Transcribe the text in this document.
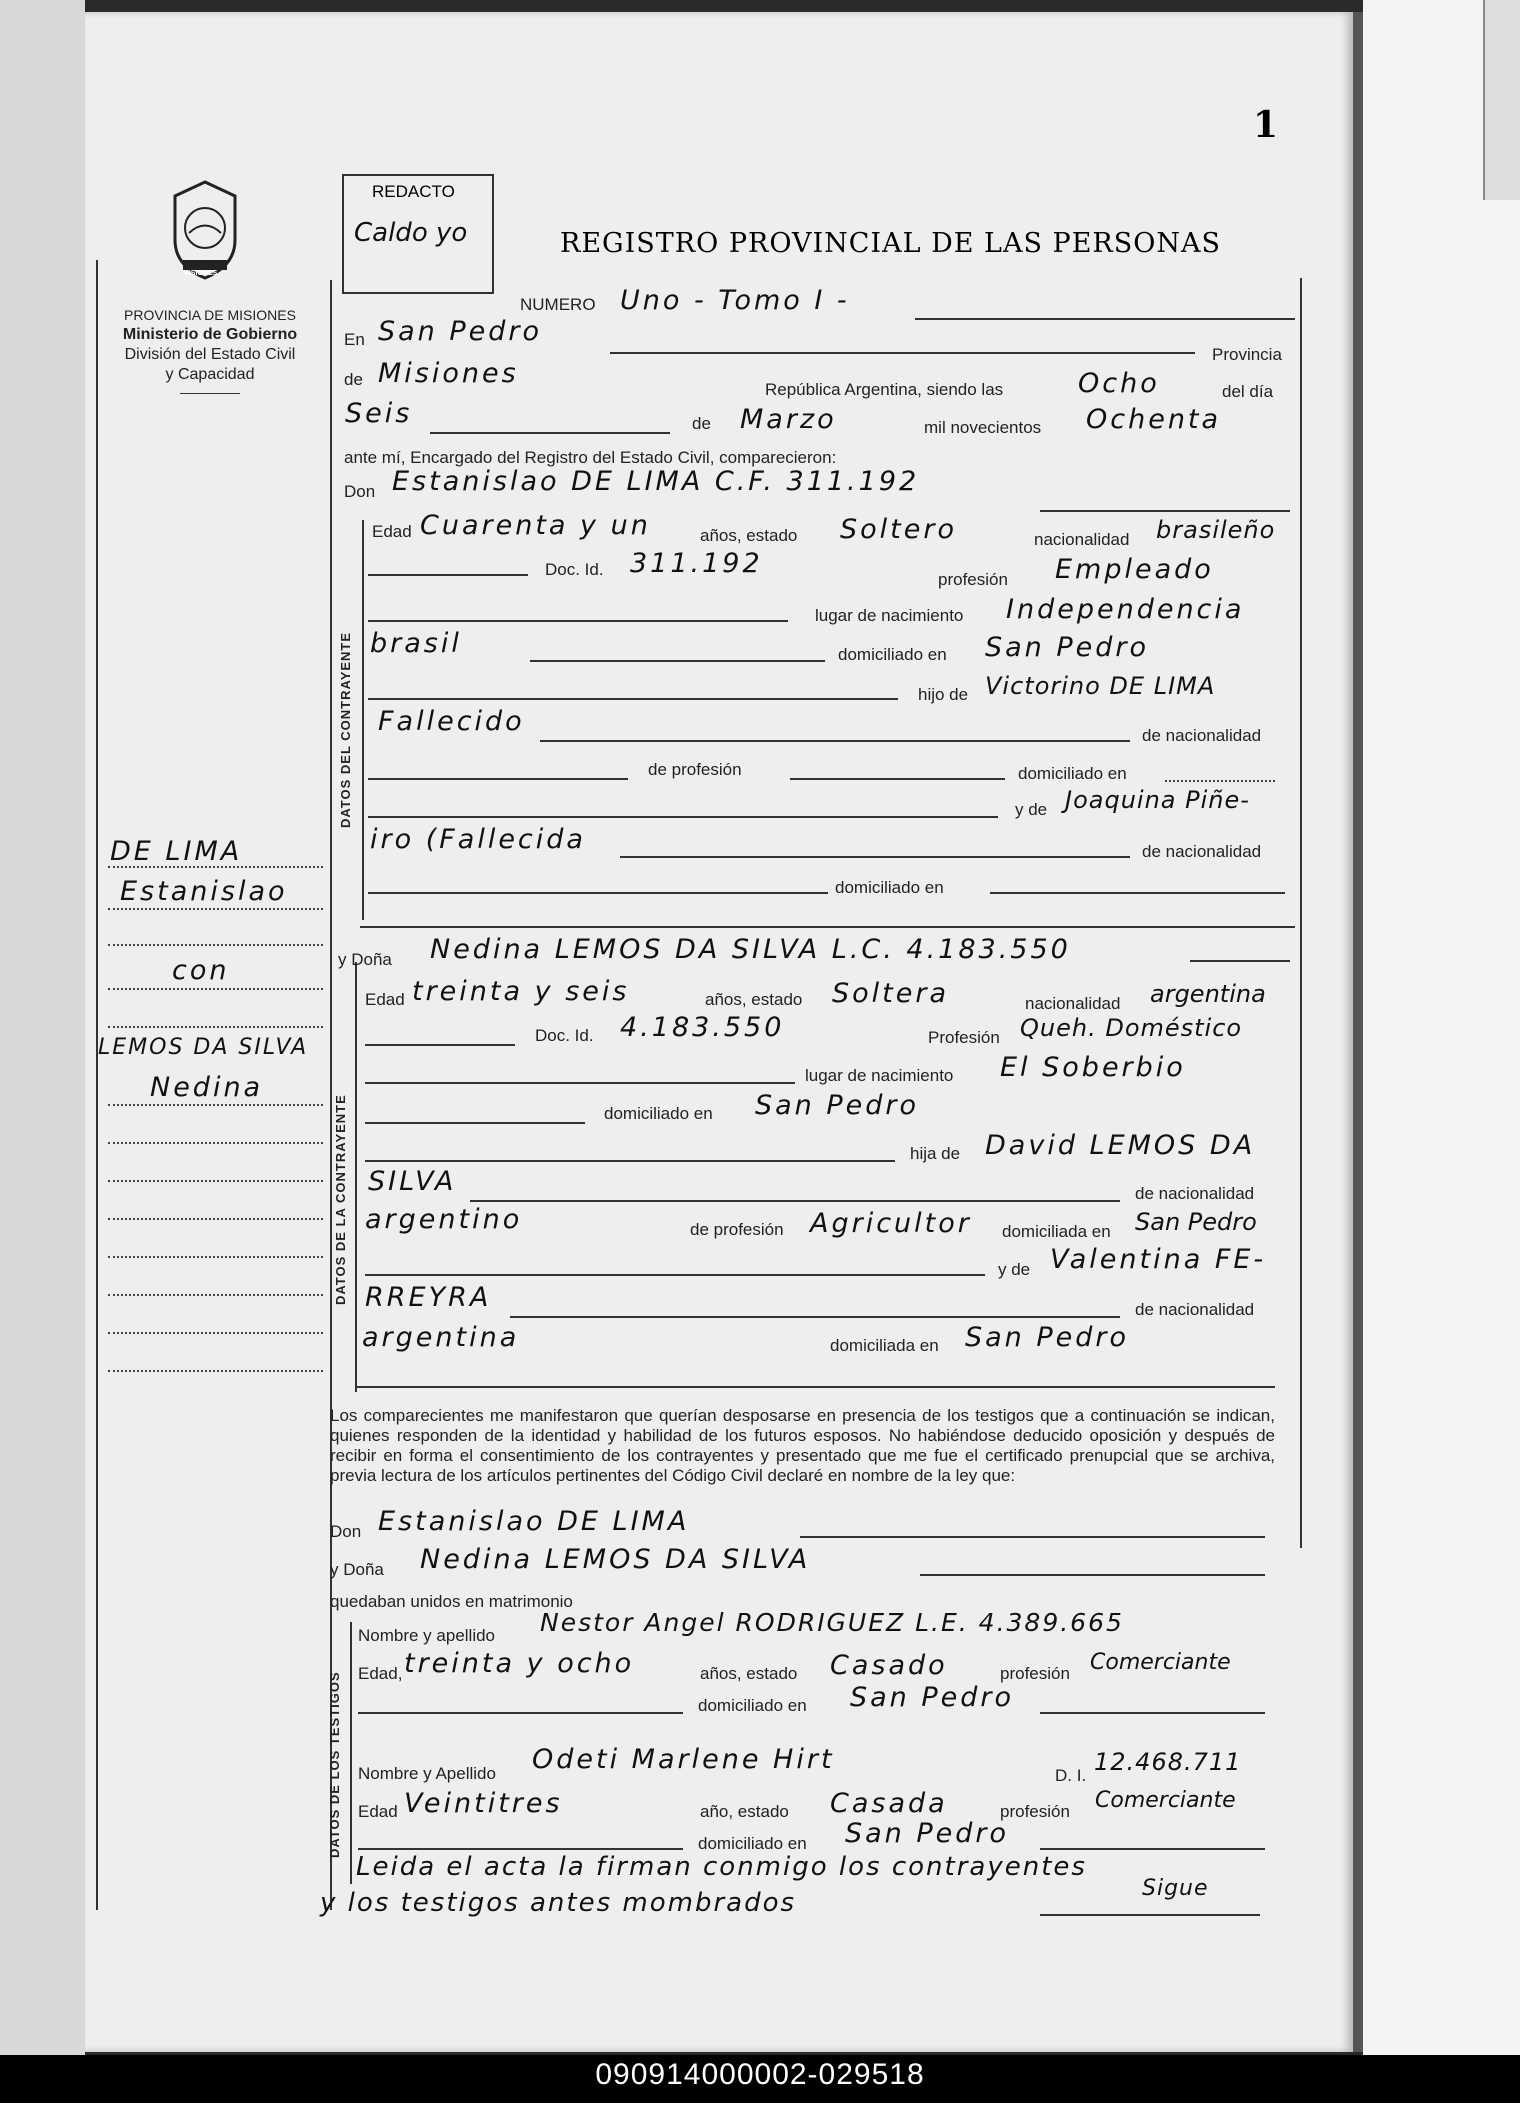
1
MISIONES
PROVINCIA DE MISIONES
Ministerio de Gobierno
División del Estado Civil
y Capacidad
REDACTO
Caldo yo	REGISTRO PROVINCIAL DE LAS PERSONAS
DATOS DEL CONTRAYENTE
DATOS DE LA CONTRAYENTE
DATOS DE LOS TESTIGOS
DE LIMA
Estanislao
con
LEMOS DA SILVA
Nedina
NUMERO Uno - Tomo I -
En San Pedro
Provincia
de Misiones
República Argentina, siendo las	Ocho	del día
Seis	de Marzo	mil novecientos Ochenta
ante mí, Encargado del Registro del Estado Civil, comparecieron:
Don Estanislao DE LIMA C.F. 311.192
Edad Cuarenta y un	años, estado Soltero	nacionalidad brasileño
Doc. Id. 311.192
profesión Empleado
lugar de nacimiento Independencia
brasil	domiciliado en San Pedro
hijo de Victorino DE LIMA
Fallecido	de nacionalidad
de profesión	domiciliado en
y de Joaquina Piñe-
iro (Fallecida	de nacionalidad
domiciliado en
y Doña Nedina LEMOS DA SILVA L.C. 4.183.550
Edad treinta y seis	años, estado Soltera	nacionalidad argentina
Doc. Id. 4.183.550	Profesión Queh. Doméstico
lugar de nacimiento El Soberbio
domiciliado en San Pedro
hija de David LEMOS DA
SILVA	de nacionalidad
argentino	de profesión Agricultor domiciliada en San Pedro
y de Valentina FE-
RREYRA	de nacionalidad
argentina	domiciliada en San Pedro
Los comparecientes me manifestaron que querían desposarse en presencia de los testigos que a continuación se indican, quienes responden de la identidad y habilidad de los futuros esposos. No habiéndose deducido oposición y después de recibir en forma el consentimiento de los contrayentes y presentado que me fue el certificado prenupcial que se archiva, previa lectura de los artículos pertinentes del Código Civil declaré en nombre de la ley que:
Don Estanislao DE LIMA
y Doña Nedina LEMOS DA SILVA
quedaban unidos en matrimonio
Nombre y apellido Nestor Angel RODRIGUEZ L.E. 4.389.665
Edad, treinta y ocho	años, estado Casado	profesión Comerciante
domiciliado en San Pedro
Nombre y Apellido Odeti Marlene Hirt
D. I. 12.468.711
Edad Veintitres	año, estado Casada	profesión Comerciante
domiciliado en San Pedro
Leida el acta la firman conmigo los contrayentes
y los testigos antes mombrados	Sigue
090914000002-029518
